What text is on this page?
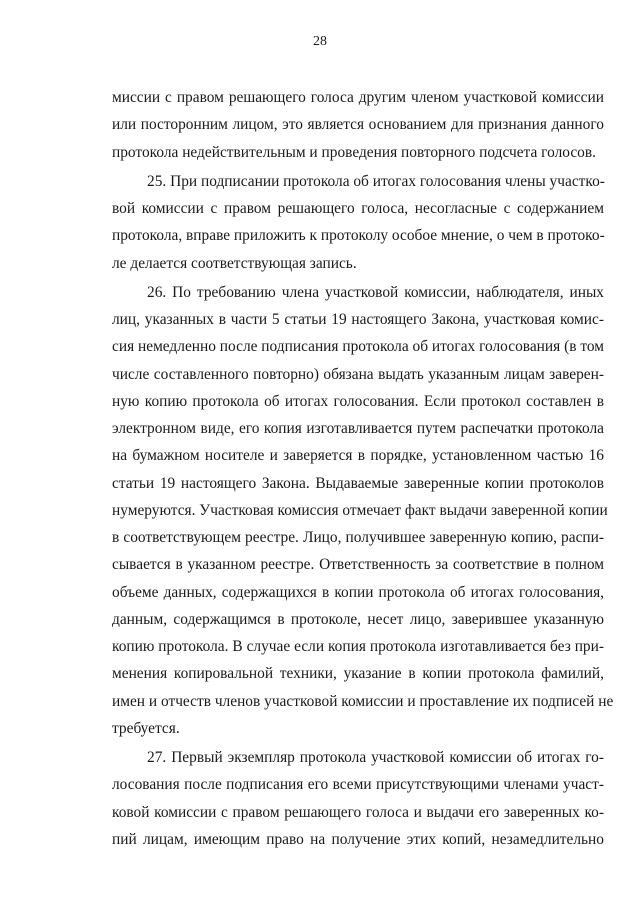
28
миссии с правом решающего голоса другим членом участковой комиссии
или посторонним лицом, это является основанием для признания данного
протокола недействительным и проведения повторного подсчета голосов.
25. При подписании протокола об итогах голосования члены участко-
вой комиссии с правом решающего голоса, несогласные с содержанием
протокола, вправе приложить к протоколу особое мнение, о чем в протоко-
ле делается соответствующая запись.
26. По требованию члена участковой комиссии, наблюдателя, иных
лиц, указанных в части 5 статьи 19 настоящего Закона, участковая комис-
сия немедленно после подписания протокола об итогах голосования (в том
числе составленного повторно) обязана выдать указанным лицам заверен-
ную копию протокола об итогах голосования. Если протокол составлен в
электронном виде, его копия изготавливается путем распечатки протокола
на бумажном носителе и заверяется в порядке, установленном частью 16
статьи 19 настоящего Закона. Выдаваемые заверенные копии протоколов
нумеруются. Участковая комиссия отмечает факт выдачи заверенной копии
в соответствующем реестре. Лицо, получившее заверенную копию, распи-
сывается в указанном реестре. Ответственность за соответствие в полном
объеме данных, содержащихся в копии протокола об итогах голосования,
данным, содержащимся в протоколе, несет лицо, заверившее указанную
копию протокола. В случае если копия протокола изготавливается без при-
менения копировальной техники, указание в копии протокола фамилий,
имен и отчеств членов участковой комиссии и проставление их подписей не
требуется.
27. Первый экземпляр протокола участковой комиссии об итогах го-
лосования после подписания его всеми присутствующими членами участ-
ковой комиссии с правом решающего голоса и выдачи его заверенных ко-
пий лицам, имеющим право на получение этих копий, незамедлительно
